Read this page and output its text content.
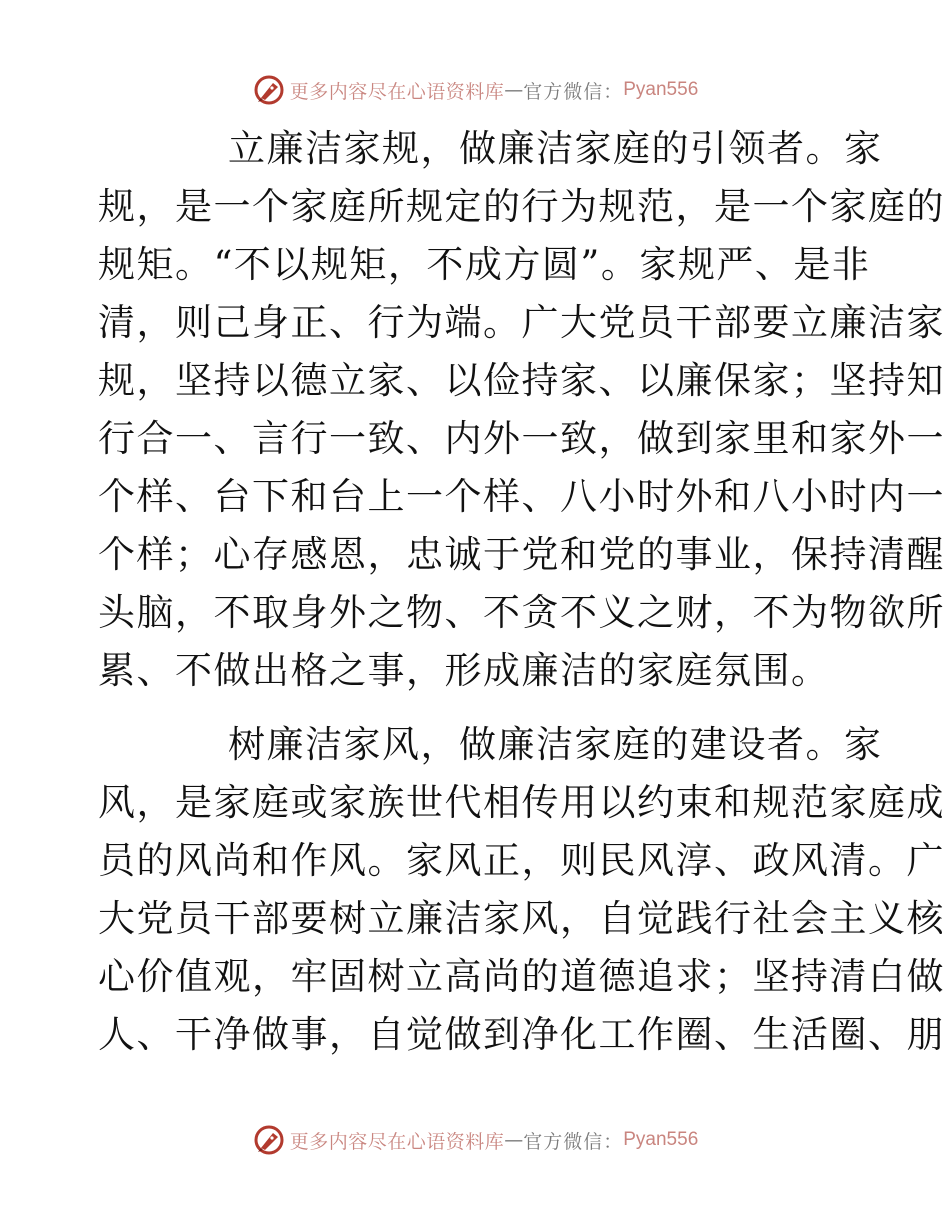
更多内容尽在心语资料库 — 官方微信： Pyan556
立廉洁家规，做廉洁家庭的引领者。家
规，是一个家庭所规定的行为规范，是一个家庭的
规矩。“不以规矩，不成方圆”。家规严、是非
清，则己身正、行为端。广大党员干部要立廉洁家
规，坚持以德立家、以俭持家、以廉保家；坚持知
行合一、言行一致、内外一致，做到家里和家外一
个样、台下和台上一个样、八小时外和八小时内一
个样；心存感恩，忠诚于党和党的事业，保持清醒
头脑，不取身外之物、不贪不义之财，不为物欲所
累、不做出格之事，形成廉洁的家庭氛围。
树廉洁家风，做廉洁家庭的建设者。家
风，是家庭或家族世代相传用以约束和规范家庭成
员的风尚和作风。家风正，则民风淳、政风清。广
大党员干部要树立廉洁家风，自觉践行社会主义核
心价值观，牢固树立高尚的道德追求；坚持清白做
人、干净做事，自觉做到净化工作圈、生活圈、朋
更多内容尽在心语资料库 — 官方微信： Pyan556
